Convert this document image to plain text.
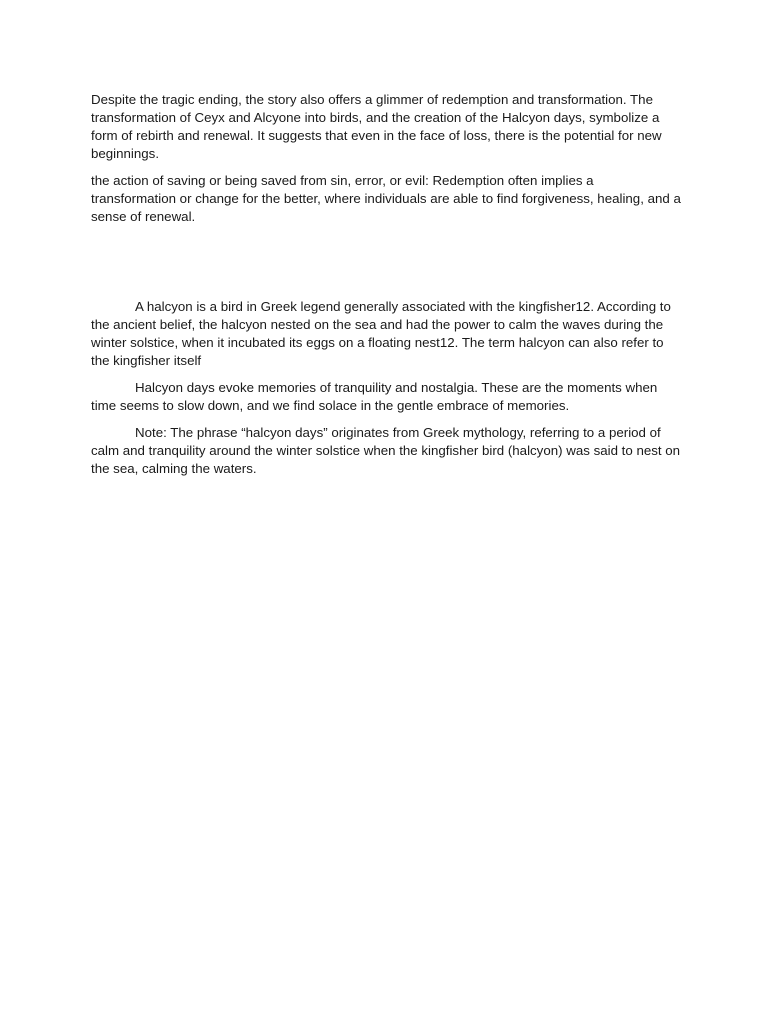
Despite the tragic ending, the story also offers a glimmer of redemption and transformation. The transformation of Ceyx and Alcyone into birds, and the creation of the Halcyon days, symbolize a form of rebirth and renewal. It suggests that even in the face of loss, there is the potential for new beginnings.

the action of saving or being saved from sin, error, or evil: Redemption often implies a transformation or change for the better, where individuals are able to find forgiveness, healing, and a sense of renewal.

A halcyon is a bird in Greek legend generally associated with the kingfisher12. According to the ancient belief, the halcyon nested on the sea and had the power to calm the waves during the winter solstice, when it incubated its eggs on a floating nest12. The term halcyon can also refer to the kingfisher itself

Halcyon days evoke memories of tranquility and nostalgia. These are the moments when time seems to slow down, and we find solace in the gentle embrace of memories.

Note: The phrase “halcyon days” originates from Greek mythology, referring to a period of calm and tranquility around the winter solstice when the kingfisher bird (halcyon) was said to nest on the sea, calming the waters.
